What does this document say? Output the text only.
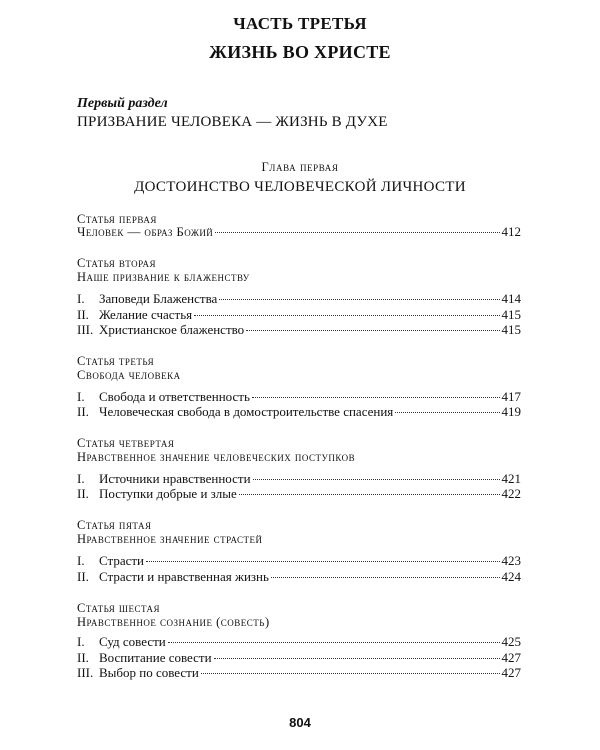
ЧАСТЬ ТРЕТЬЯ
ЖИЗНЬ ВО ХРИСТЕ
Первый раздел
ПРИЗВАНИЕ ЧЕЛОВЕКА — ЖИЗНЬ В ДУХЕ
Глава первая
ДОСТОИНСТВО ЧЕЛОВЕЧЕСКОЙ ЛИЧНОСТИ
Статья первая
Человек — образ Божий	412
Статья вторая
Наше призвание к блаженству
I.	Заповеди Блаженства	414
II. Желание счастья	415
III. Христианское блаженство	415
Статья третья
Свобода человека
I.	Свобода и ответственность	417
II. Человеческая свобода в домостроительстве спасения	419
Статья четвертая
Нравственное значение человеческих поступков
I.	Источники нравственности	421
II. Поступки добрые и злые	422
Статья пятая
Нравственное значение страстей
I.	Страсти	423
II. Страсти и нравственная жизнь	424
Статья шестая
Нравственное сознание (совесть)
I.	Суд совести	425
II. Воспитание совести	427
III. Выбор по совести	427
804
